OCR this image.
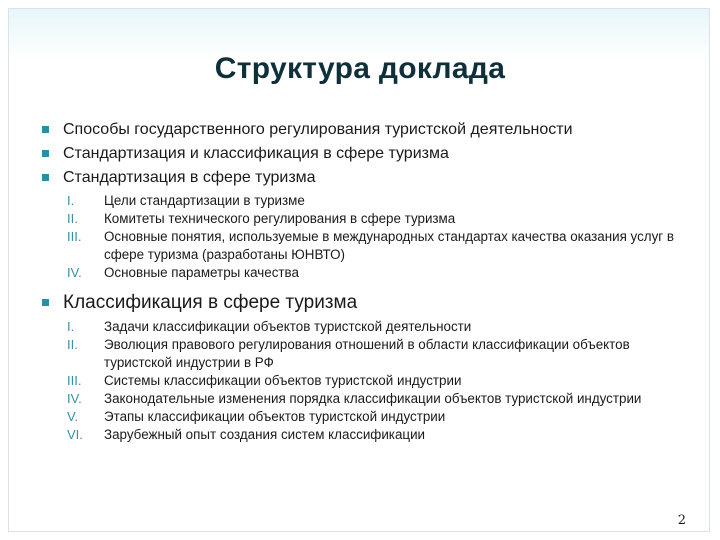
Структура доклада
Способы государственного регулирования туристской деятельности
Стандартизация и классификация в сфере туризма
Стандартизация в сфере туризма
I.	Цели стандартизации в туризме
II.	Комитеты технического регулирования в сфере туризма
III.	Основные понятия, используемые в международных стандартах качества оказания услуг в сфере туризма (разработаны ЮНВТО)
IV.	Основные параметры качества
Классификация в сфере туризма
I.	Задачи классификации объектов туристской деятельности
II.	Эволюция правового регулирования отношений в области классификации объектов туристской индустрии в РФ
III.	Системы классификации объектов туристской индустрии
IV.	Законодательные изменения порядка классификации объектов туристской индустрии
V.	Этапы классификации объектов туристской индустрии
VI.	Зарубежный опыт создания систем классификации
2
